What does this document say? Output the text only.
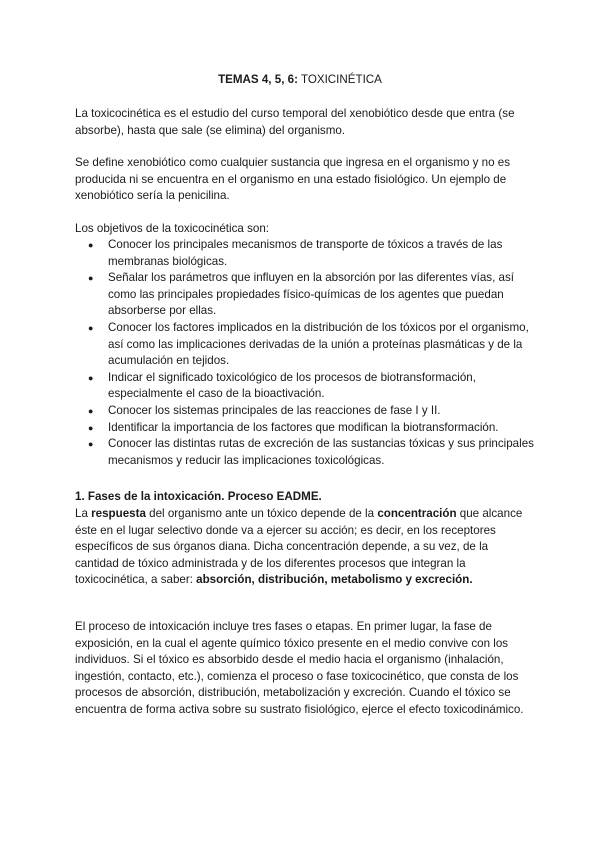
TEMAS 4, 5, 6: TOXICINÉTICA

La toxicocinética es el estudio del curso temporal del xenobiótico desde que entra (se absorbe), hasta que sale (se elimina) del organismo.

Se define xenobiótico como cualquier sustancia que ingresa en el organismo y no es producida ni se encuentra en el organismo en una estado fisiológico. Un ejemplo de xenobiótico sería la penicilina.

Los objetivos de la toxicocinética son:

● Conocer los principales mecanismos de transporte de tóxicos a través de las membranas biológicas.
● Señalar los parámetros que influyen en la absorción por las diferentes vías, así como las principales propiedades físico-químicas de los agentes que puedan absorberse por ellas.
● Conocer los factores implicados en la distribución de los tóxicos por el organismo, así como las implicaciones derivadas de la unión a proteínas plasmáticas y de la acumulación en tejidos.
● Indicar el significado toxicológico de los procesos de biotransformación, especialmente el caso de la bioactivación.
● Conocer los sistemas principales de las reacciones de fase I y II.
● Identificar la importancia de los factores que modifican la biotransformación.
● Conocer las distintas rutas de excreción de las sustancias tóxicas y sus principales mecanismos y reducir las implicaciones toxicológicas.

1. Fases de la intoxicación. Proceso EADME.

La respuesta del organismo ante un tóxico depende de la concentración que alcance éste en el lugar selectivo donde va a ejercer su acción; es decir, en los receptores específicos de sus órganos diana. Dicha concentración depende, a su vez, de la cantidad de tóxico administrada y de los diferentes procesos que integran la toxicocinética, a saber: absorción, distribución, metabolismo y excreción.

El proceso de intoxicación incluye tres fases o etapas. En primer lugar, la fase de exposición, en la cual el agente químico tóxico presente en el medio convive con los individuos. Si el tóxico es absorbido desde el medio hacia el organismo (inhalación, ingestión, contacto, etc.), comienza el proceso o fase toxicocinético, que consta de los procesos de absorción, distribución, metabolización y excreción. Cuando el tóxico se encuentra de forma activa sobre su sustrato fisiológico, ejerce el efecto toxicodinámico.
